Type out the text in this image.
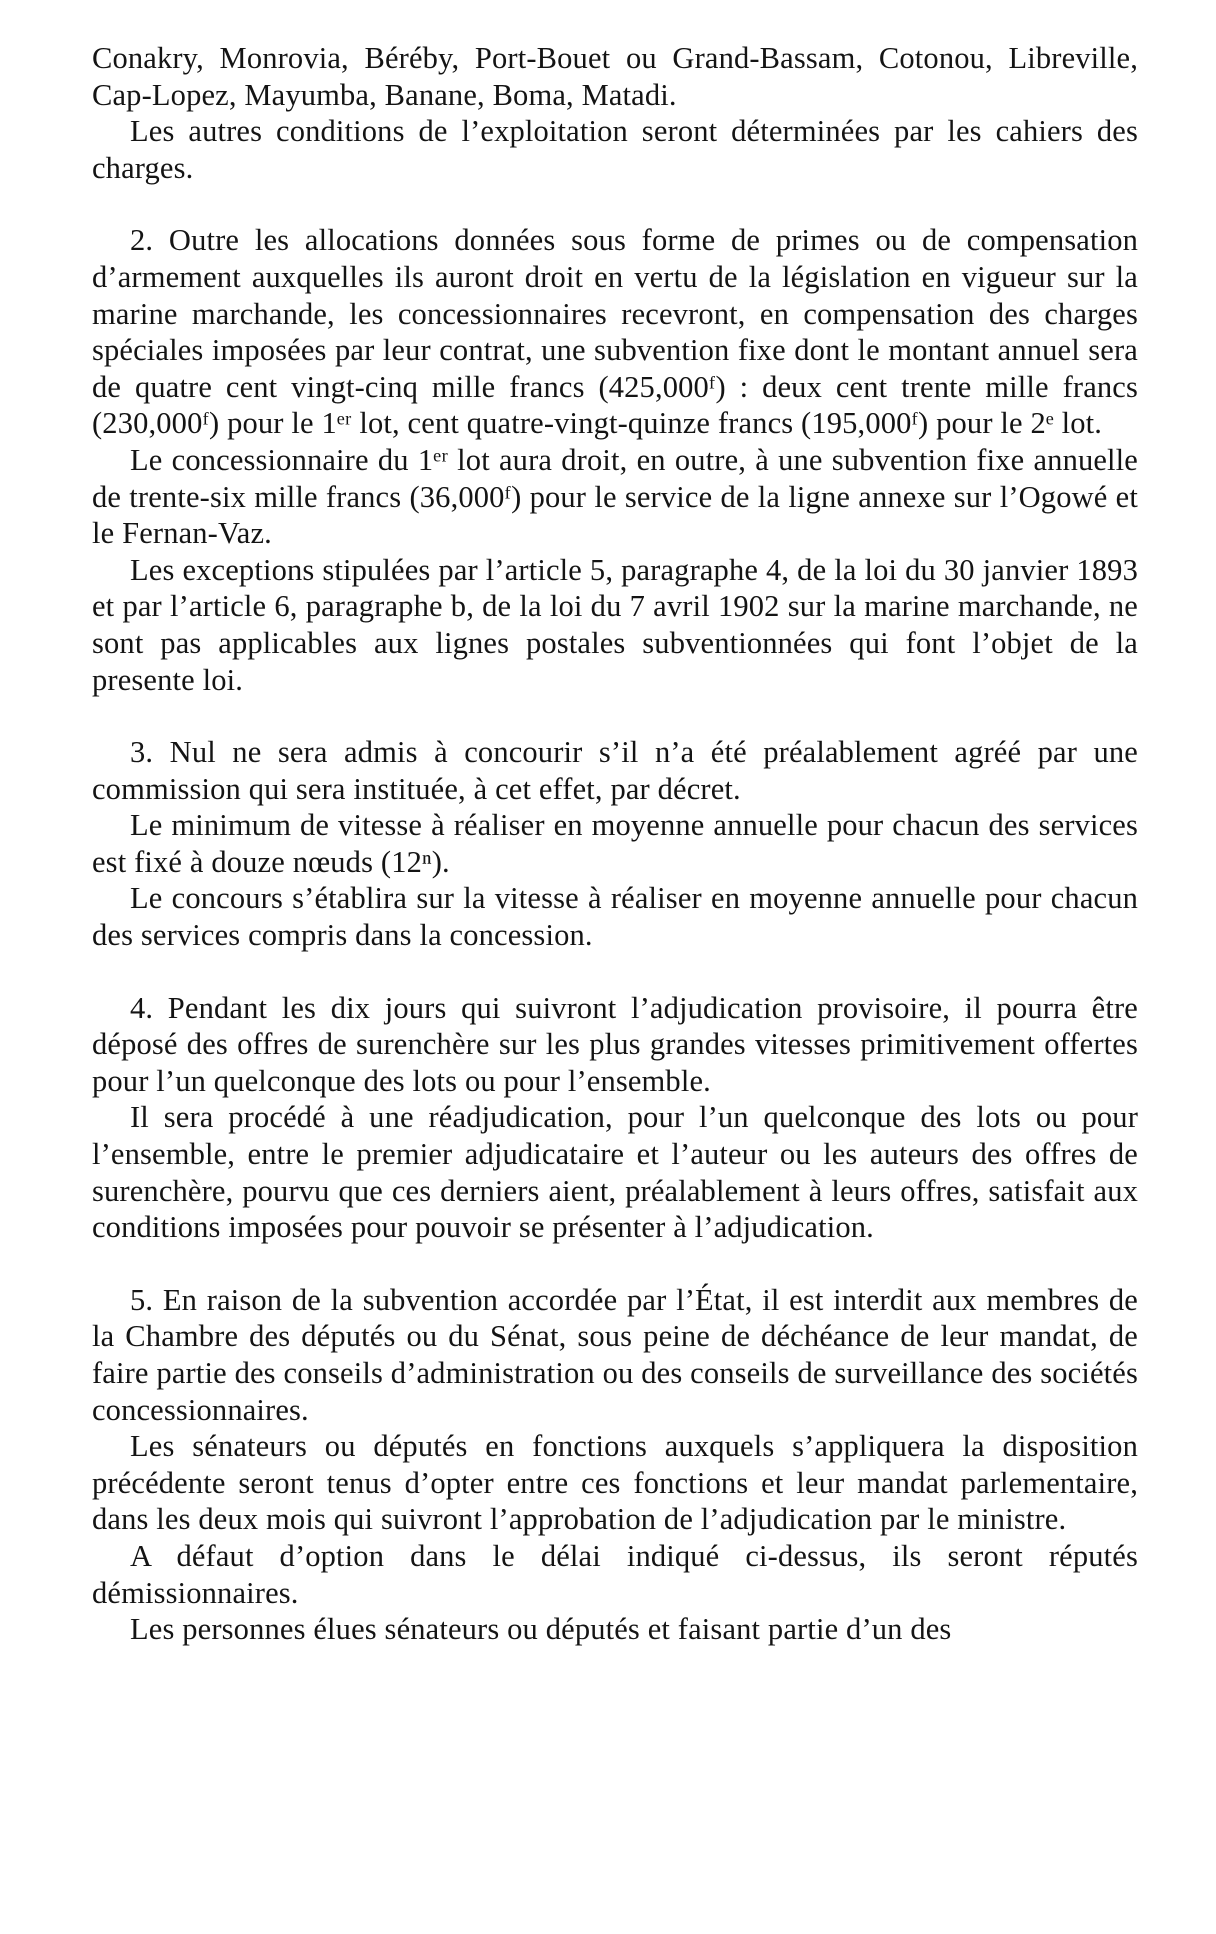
Conakry, Monrovia, Béréby, Port-Bouet ou Grand-Bassam, Cotonou, Libreville, Cap-Lopez, Mayumba, Banane, Boma, Matadi.

Les autres conditions de l’exploitation seront déterminées par les cahiers des charges.

2. Outre les allocations données sous forme de primes ou de compensation d’armement auxquelles ils auront droit en vertu de la législation en vigueur sur la marine marchande, les concessionnaires recevront, en compensation des charges spéciales imposées par leur contrat, une subvention fixe dont le montant annuel sera de quatre cent vingt-cinq mille francs (425,000ᶠ) : deux cent trente mille francs (230,000ᶠ) pour le 1ᵉʳ lot, cent quatre-vingt-quinze francs (195,000ᶠ) pour le 2ᵉ lot.

Le concessionnaire du 1ᵉʳ lot aura droit, en outre, à une subvention fixe annuelle de trente-six mille francs (36,000ᶠ) pour le service de la ligne annexe sur l’Ogowé et le Fernan-Vaz.

Les exceptions stipulées par l’article 5, paragraphe 4, de la loi du 30 janvier 1893 et par l’article 6, paragraphe b, de la loi du 7 avril 1902 sur la marine marchande, ne sont pas applicables aux lignes postales subventionnées qui font l’objet de la presente loi.

3. Nul ne sera admis à concourir s’il n’a été préalablement agréé par une commission qui sera instituée, à cet effet, par décret.

Le minimum de vitesse à réaliser en moyenne annuelle pour chacun des services est fixé à douze nœuds (12ⁿ).

Le concours s’établira sur la vitesse à réaliser en moyenne annuelle pour chacun des services compris dans la concession.

4. Pendant les dix jours qui suivront l’adjudication provisoire, il pourra être déposé des offres de surenchère sur les plus grandes vitesses primitivement offertes pour l’un quelconque des lots ou pour l’ensemble.

Il sera procédé à une réadjudication, pour l’un quelconque des lots ou pour l’ensemble, entre le premier adjudicataire et l’auteur ou les auteurs des offres de surenchère, pourvu que ces derniers aient, préalablement à leurs offres, satisfait aux conditions imposées pour pouvoir se présenter à l’adjudication.

5. En raison de la subvention accordée par l’État, il est interdit aux membres de la Chambre des députés ou du Sénat, sous peine de déchéance de leur mandat, de faire partie des conseils d’administration ou des conseils de surveillance des sociétés concessionnaires.

Les sénateurs ou députés en fonctions auxquels s’appliquera la disposition précédente seront tenus d’opter entre ces fonctions et leur mandat parlementaire, dans les deux mois qui suivront l’approbation de l’adjudication par le ministre.

A défaut d’option dans le délai indiqué ci-dessus, ils seront réputés démissionnaires.

Les personnes élues sénateurs ou députés et faisant partie d’un des
